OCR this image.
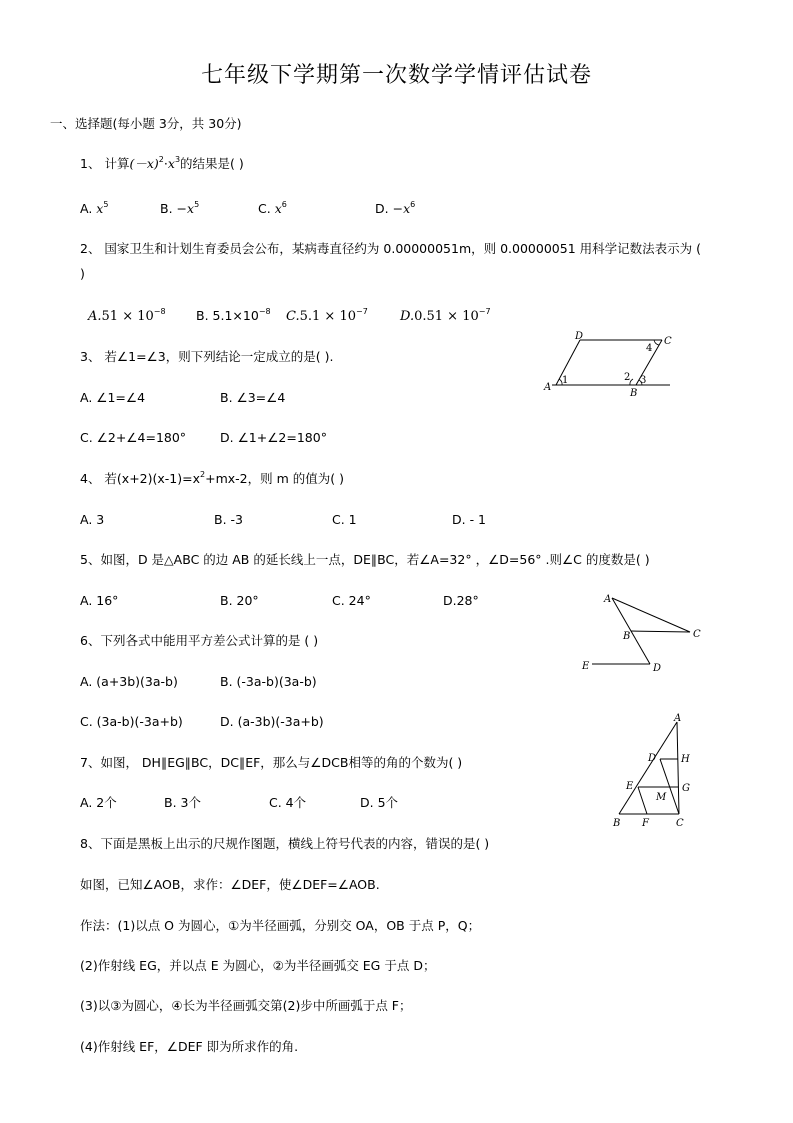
七年级下学期第一次数学学情评估试卷
一、选择题(每小题 3分，共 30分)
1、 计算$(-x)^2\cdot x^3$的结果是( )
A. $x^5$	B. $-x^5$	C. $x^6$	D. $-x^6$
2、 国家卫生和计划生育委员会公布，某病毒直径约为 0.00000051m，则 0.00000051 用科学记数法表示为 (
)
$A.51 \times 10^{-8}$ B. $5.1\times 10^{-8}$ $C.5.1 \times 10^{-7}$ $D.0.51 \times 10^{-7}$
3、 若∠1=∠3，则下列结论一定成立的是( ).
A. ∠1=∠4	B. ∠3=∠4
C. ∠2+∠4=180°	D. ∠1+∠2=180°
A
D	C
B
1	2 3
4
4、 若$(x+2)(x-1)=x^2+mx-2$，则 m 的值为( )
A. 3	B. -3	C. 1	D. - 1
5、如图，D 是△ABC 的边 AB 的延长线上一点，DE∥BC，若∠A=32° ，∠D=56° .则∠C 的度数是( )
A. 16°	B. 20°	C. 24°	D.28°	A
B	C
E	D
6、下列各式中能用平方差公式计算的是 ( )
A. (a+3b)(3a-b)	B. (-3a-b)(3a-b)
C. (3a-b)(-3a+b)	D. (a-3b)(-3a+b)
7、如图， DH∥EG∥BC，DC∥EF，那么与∠DCB相等的角的个数为( )
A. 2个	B. 3个	C. 4个	D. 5个
A
D H
E	G
M
B F	C
8、下面是黑板上出示的尺规作图题，横线上符号代表的内容，错误的是( )
如图，已知∠AOB，求作：∠DEF，使∠DEF=∠AOB.
作法：(1)以点 O 为圆心，①为半径画弧，分别交 OA，OB 于点 P，Q；
(2)作射线 EG，并以点 E 为圆心，②为半径画弧交 EG 于点 D；
(3)以③为圆心，④长为半径画弧交第(2)步中所画弧于点 F；
(4)作射线 EF，∠DEF 即为所求作的角.
